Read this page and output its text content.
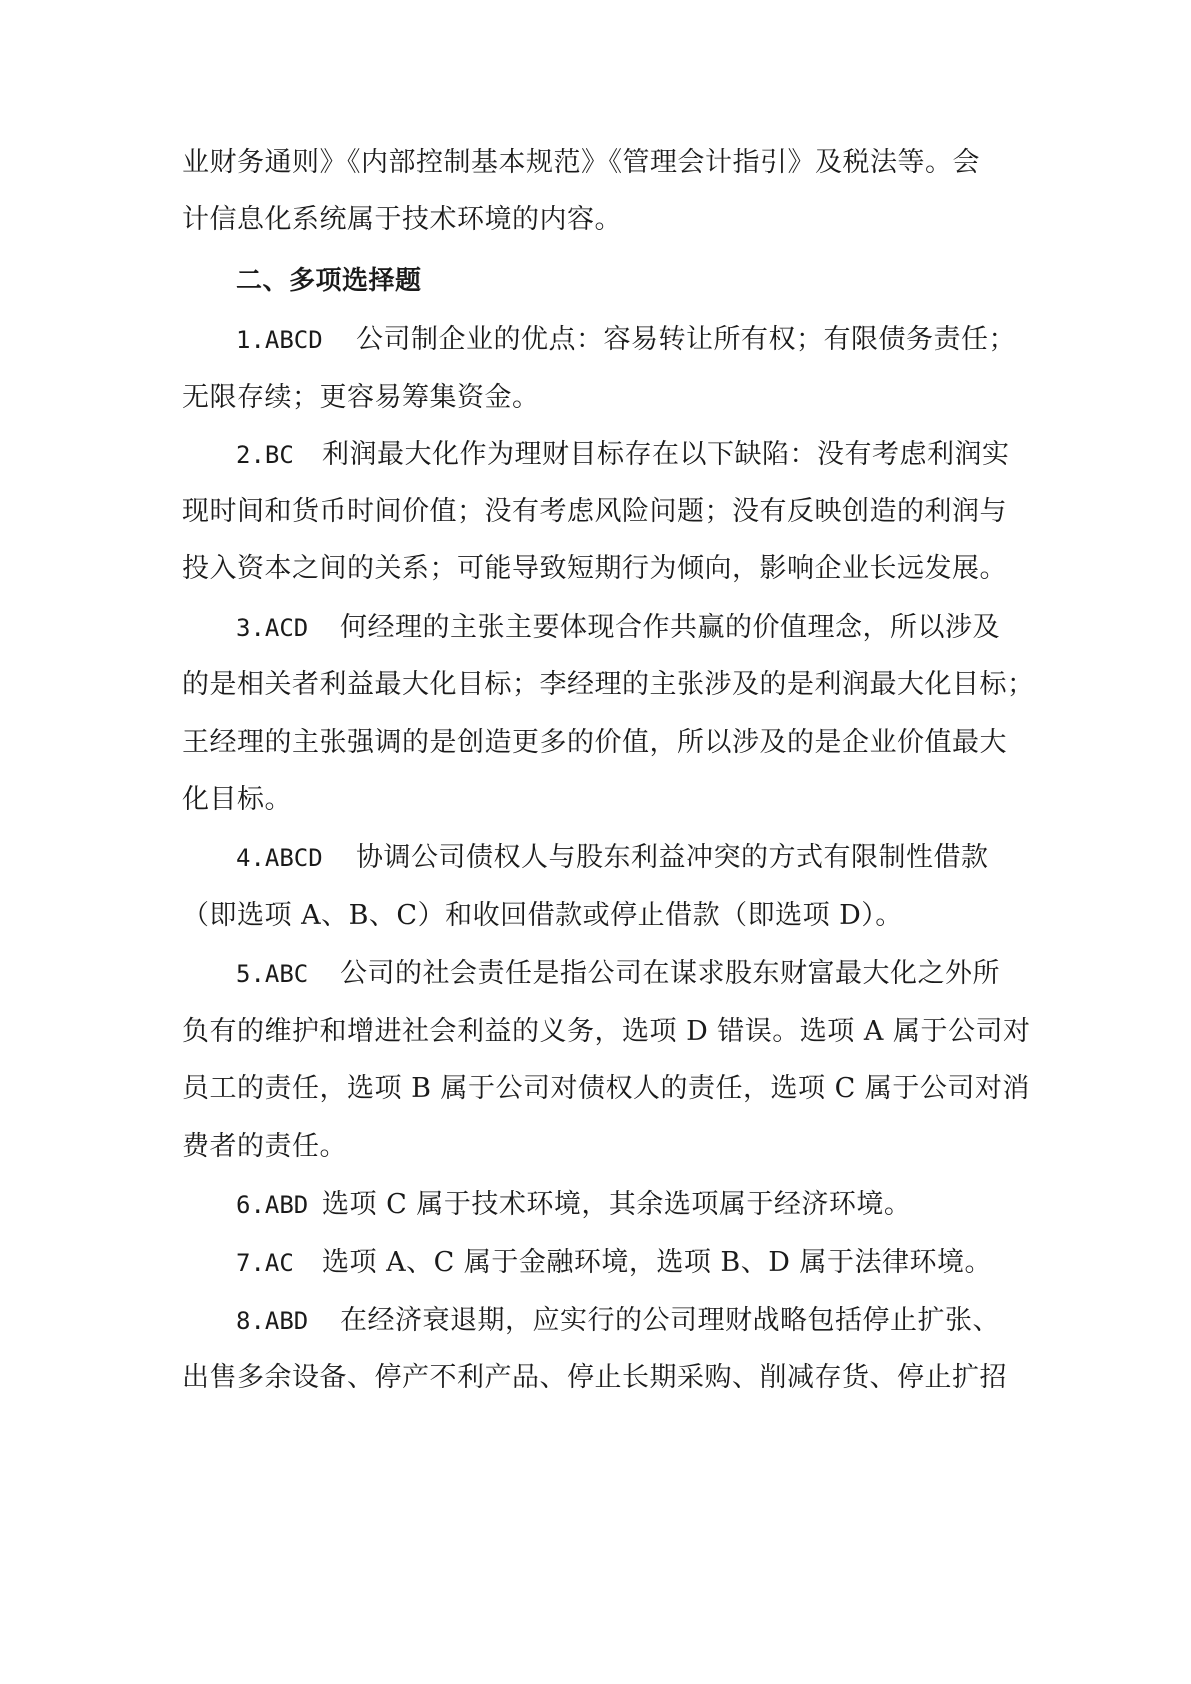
业财务通则》《内部控制基本规范》《管理会计指引》及税法等。会
计信息化系统属于技术环境的内容。
二、多项选择题
1.ABCD 公司制企业的优点：容易转让所有权；有限债务责任；
无限存续；更容易筹集资金。
2.BC 利润最大化作为理财目标存在以下缺陷：没有考虑利润实
现时间和货币时间价值；没有考虑风险问题；没有反映创造的利润与
投入资本之间的关系；可能导致短期行为倾向，影响企业长远发展。
3.ACD 何经理的主张主要体现合作共赢的价值理念，所以涉及
的是相关者利益最大化目标；李经理的主张涉及的是利润最大化目标；
王经理的主张强调的是创造更多的价值，所以涉及的是企业价值最大
化目标。
4.ABCD 协调公司债权人与股东利益冲突的方式有限制性借款
（即选项 A、B、C）和收回借款或停止借款（即选项 D）。
5.ABC 公司的社会责任是指公司在谋求股东财富最大化之外所
负有的维护和增进社会利益的义务，选项 D 错误。选项 A 属于公司对
员工的责任，选项 B 属于公司对债权人的责任，选项 C 属于公司对消
费者的责任。
6.ABD 选项 C 属于技术环境，其余选项属于经济环境。
7.AC 选项 A、C 属于金融环境，选项 B、D 属于法律环境。
8.ABD 在经济衰退期，应实行的公司理财战略包括停止扩张、
出售多余设备、停产不利产品、停止长期采购、削减存货、停止扩招
